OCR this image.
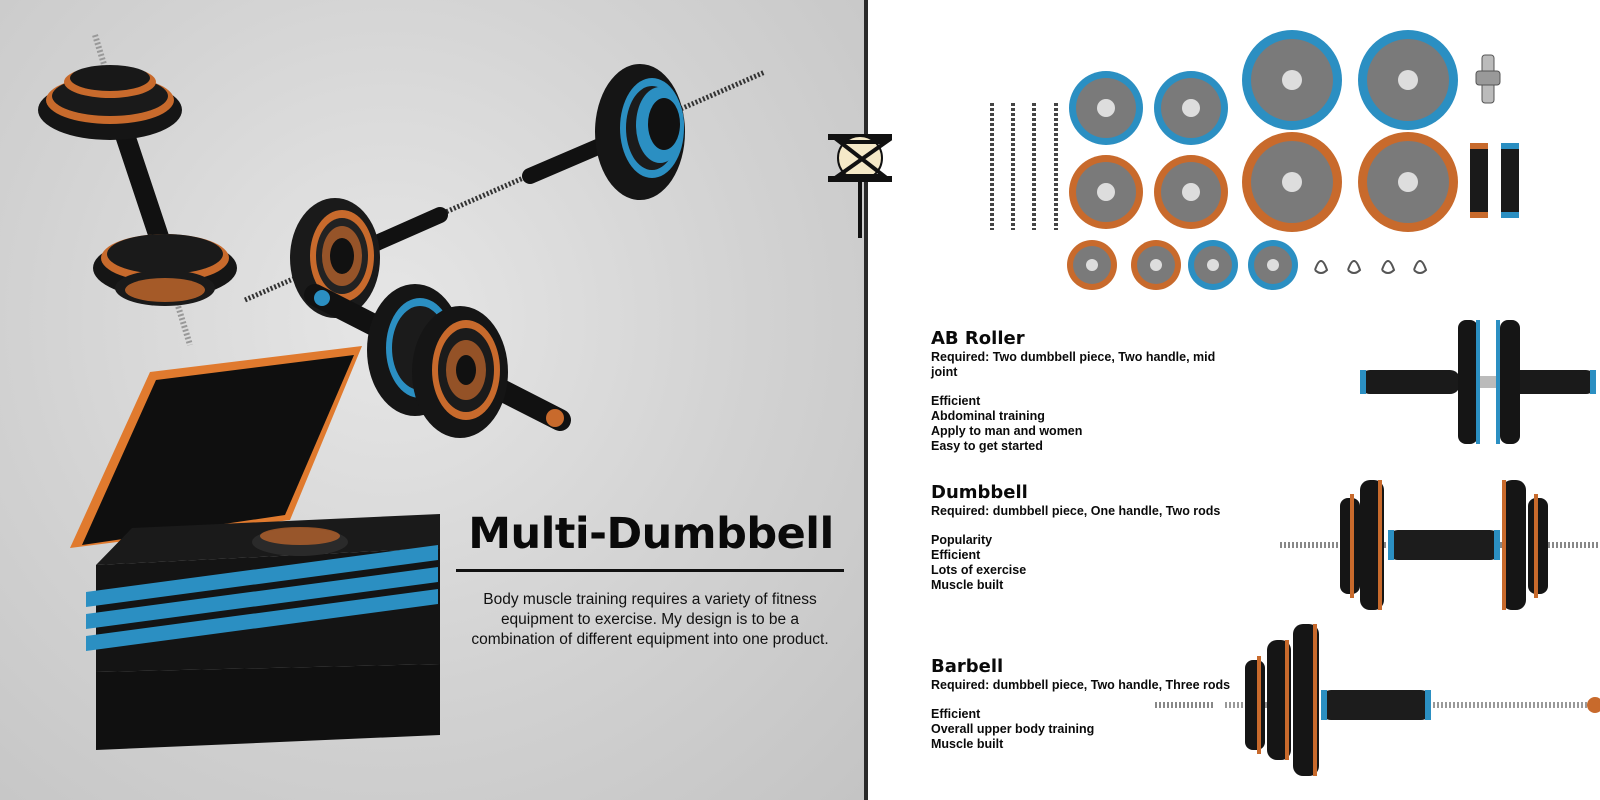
Multi-Dumbbell

Body muscle training requires a variety of fitness equipment to exercise. My design is to be a combination of different equipment into one product.

AB Roller

Required: Two dumbbell piece, Two handle, mid joint

Efficient
Abdominal training
Apply to man and women
Easy to get started
Dumbbell

Required: dumbbell piece, One handle, Two rods

Popularity
Efficient
Lots of exercise
Muscle built
Barbell

Required: dumbbell piece, Two handle, Three rods

Efficient
Overall upper body training
Muscle built
